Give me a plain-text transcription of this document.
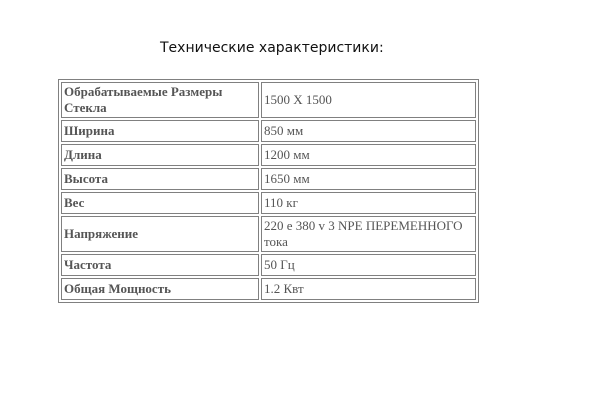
Технические характеристики:
Обрабатываемые Размеры Стекла	1500 X 1500
Ширина	850 мм
Длина	1200 мм
Высота	1650 мм
Вес	110 кг
Напряжение	220 е 380 v 3 NPE ПЕРЕМЕННОГО тока
Частота	50 Гц
Общая Мощность	1.2 Квт
